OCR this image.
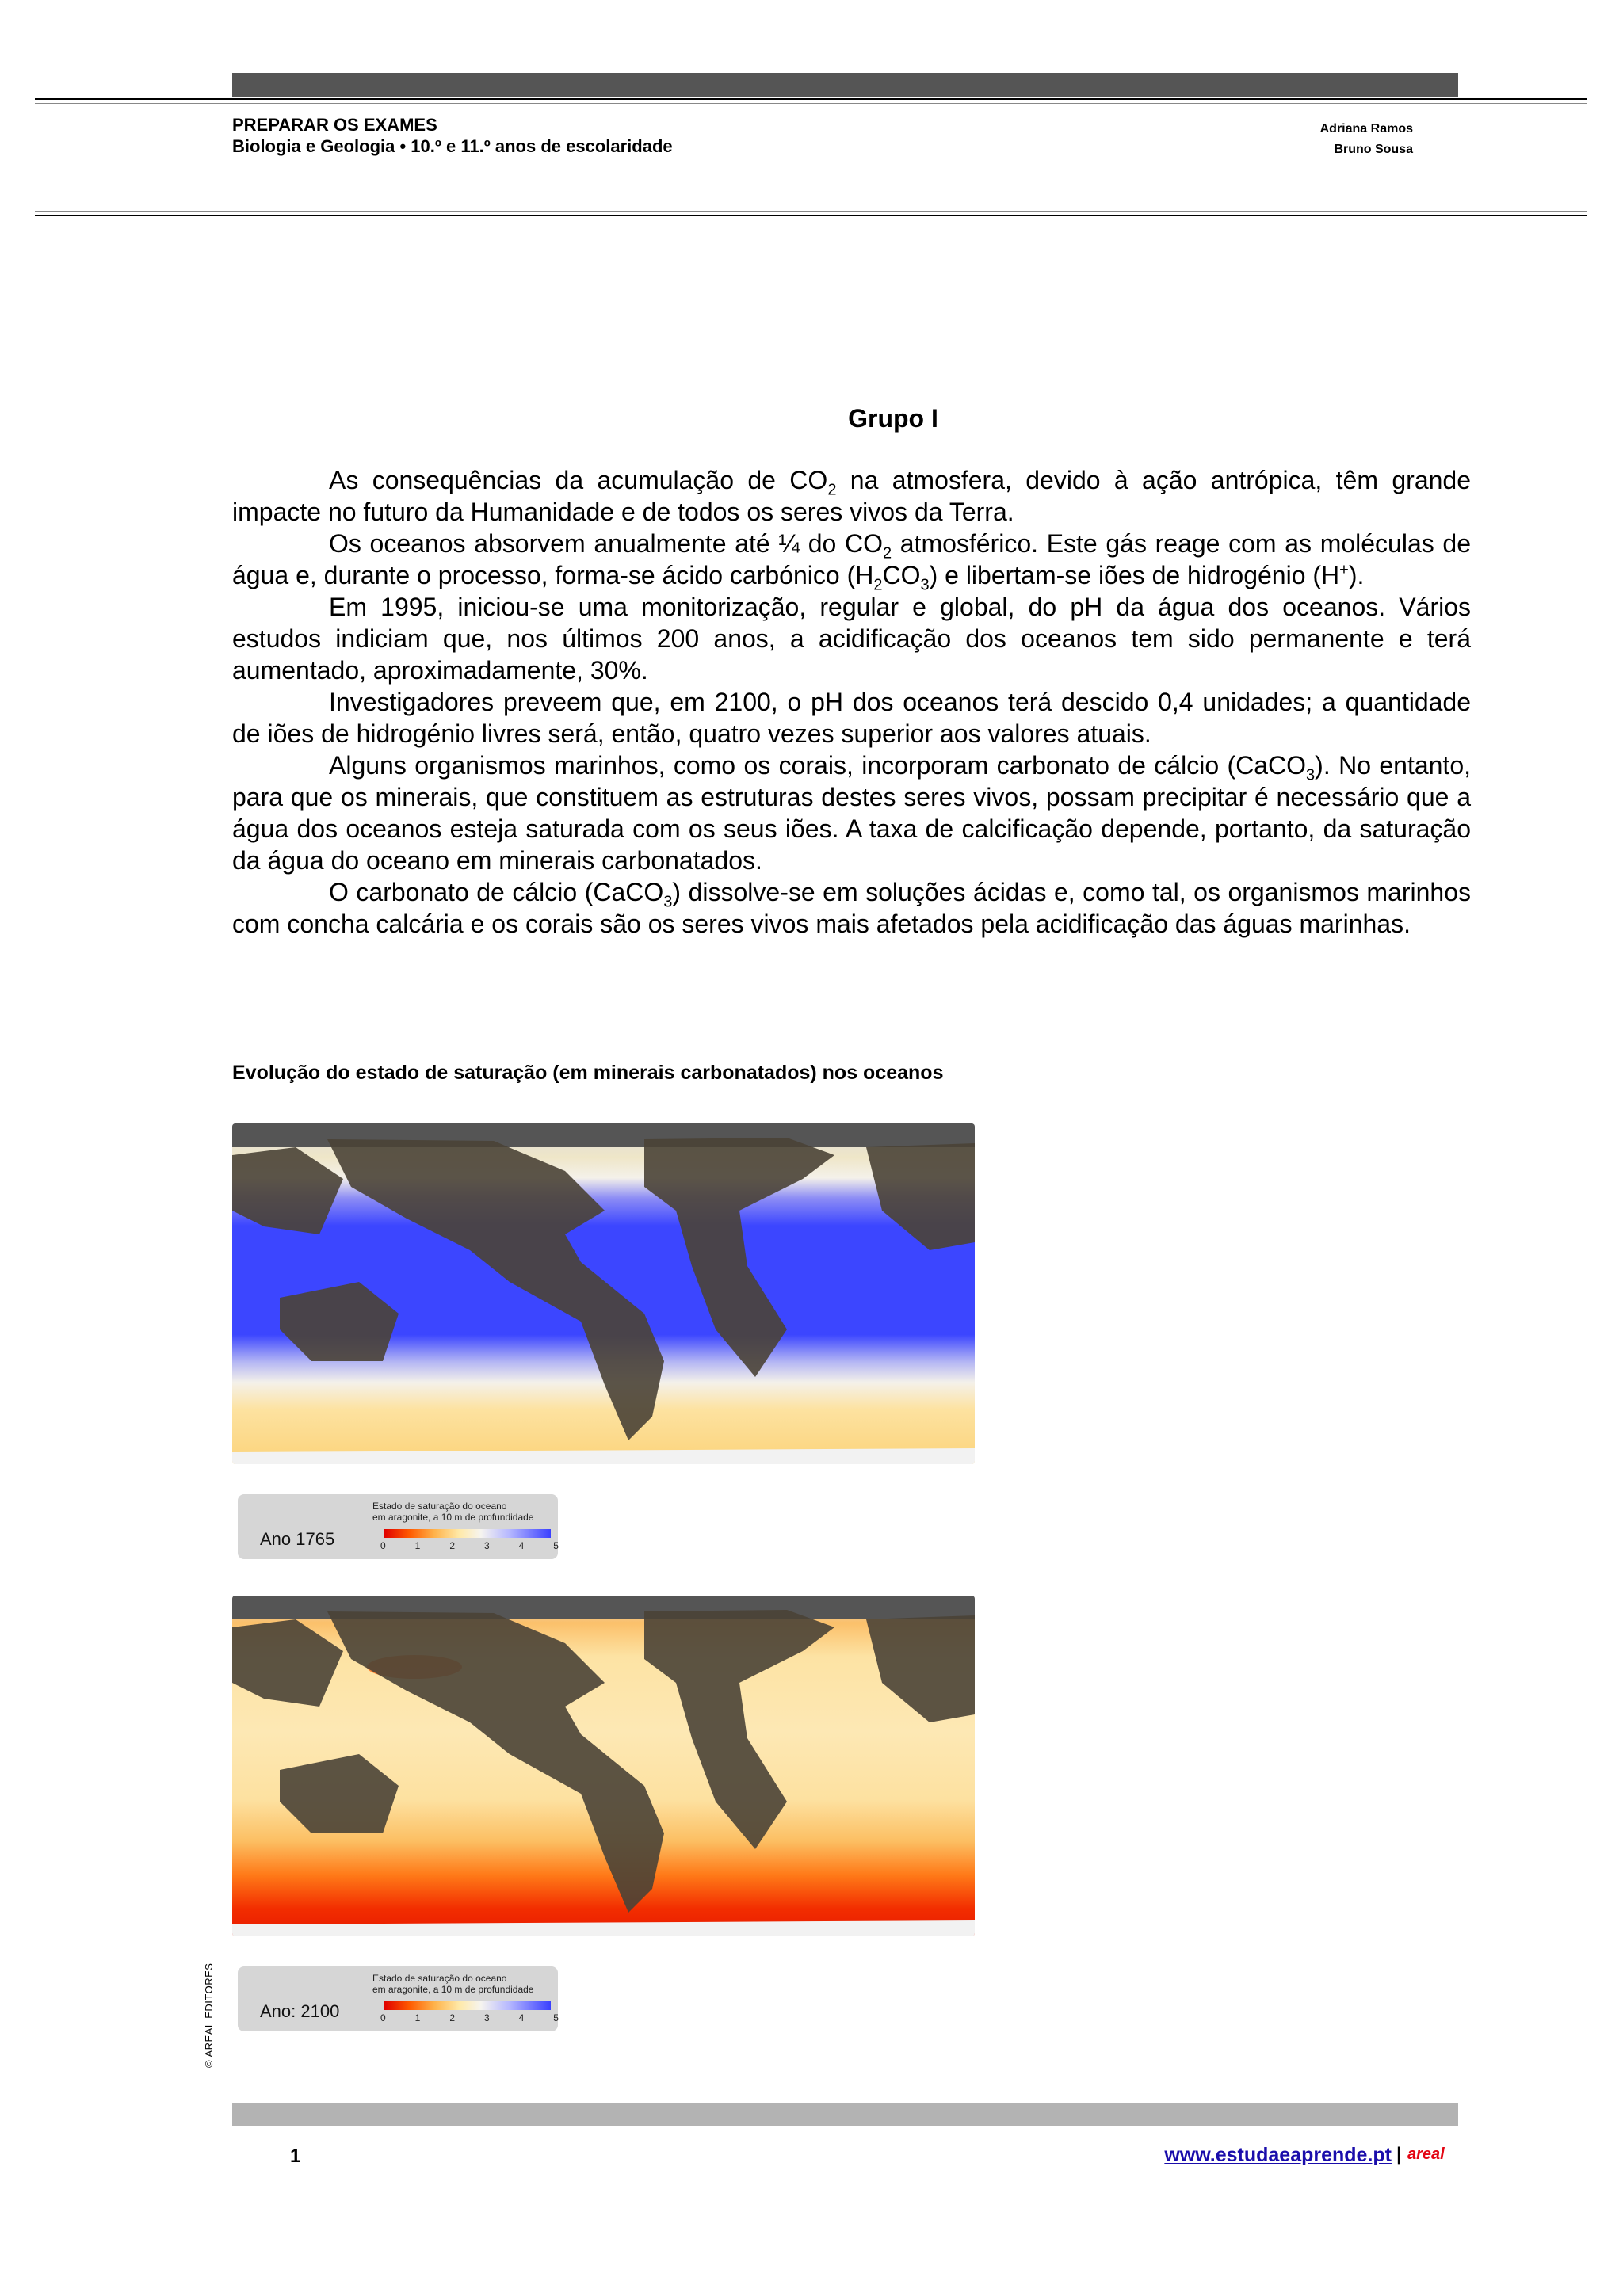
PREPARAR OS EXAMES
Biologia e Geologia • 10.º e 11.º anos de escolaridade
Adriana Ramos
Bruno Sousa
Grupo I

As consequências da acumulação de $CO_2$ na atmosfera, devido à ação antrópica, têm grande impacte no futuro da Humanidade e de todos os seres vivos da Terra.

Os oceanos absorvem anualmente até ¼ do $CO_2$ atmosférico. Este gás reage com as moléculas de água e, durante o processo, forma-se ácido carbónico $(H_2CO_3)$ e libertam-se iões de hidrogénio (H+).

Em 1995, iniciou-se uma monitorização, regular e global, do pH da água dos oceanos. Vários estudos indiciam que, nos últimos 200 anos, a acidificação dos oceanos tem sido permanente e terá aumentado, aproximadamente, 30%.

Investigadores preveem que, em 2100, o pH dos oceanos terá descido 0,4 unidades; a quantidade de iões de hidrogénio livres será, então, quatro vezes superior aos valores atuais.

Alguns organismos marinhos, como os corais, incorporam carbonato de cálcio (CaCO$_3$). No entanto, para que os minerais, que constituem as estruturas destes seres vivos, possam precipitar é necessário que a água dos oceanos esteja saturada com os seus iões. A taxa de calcificação depende, portanto, da saturação da água do oceano em minerais carbonatados.

O carbonato de cálcio (CaCO$_3$) dissolve-se em soluções ácidas e, como tal, os organismos marinhos com concha calcária e os corais são os seres vivos mais afetados pela acidificação das águas marinhas.

Evolução do estado de saturação (em minerais carbonatados) nos oceanos
Estado de saturação do oceano
em aragonite, a 10 m de profundidade
Ano 1765	0	1	2	3	4	5
Estado de saturação do oceano
em aragonite, a 10 m de profundidade
Ano: 2100	0	1	2	3	4	5
© AREAL EDITORES
1	www.estudaeaprende.pt | areal
